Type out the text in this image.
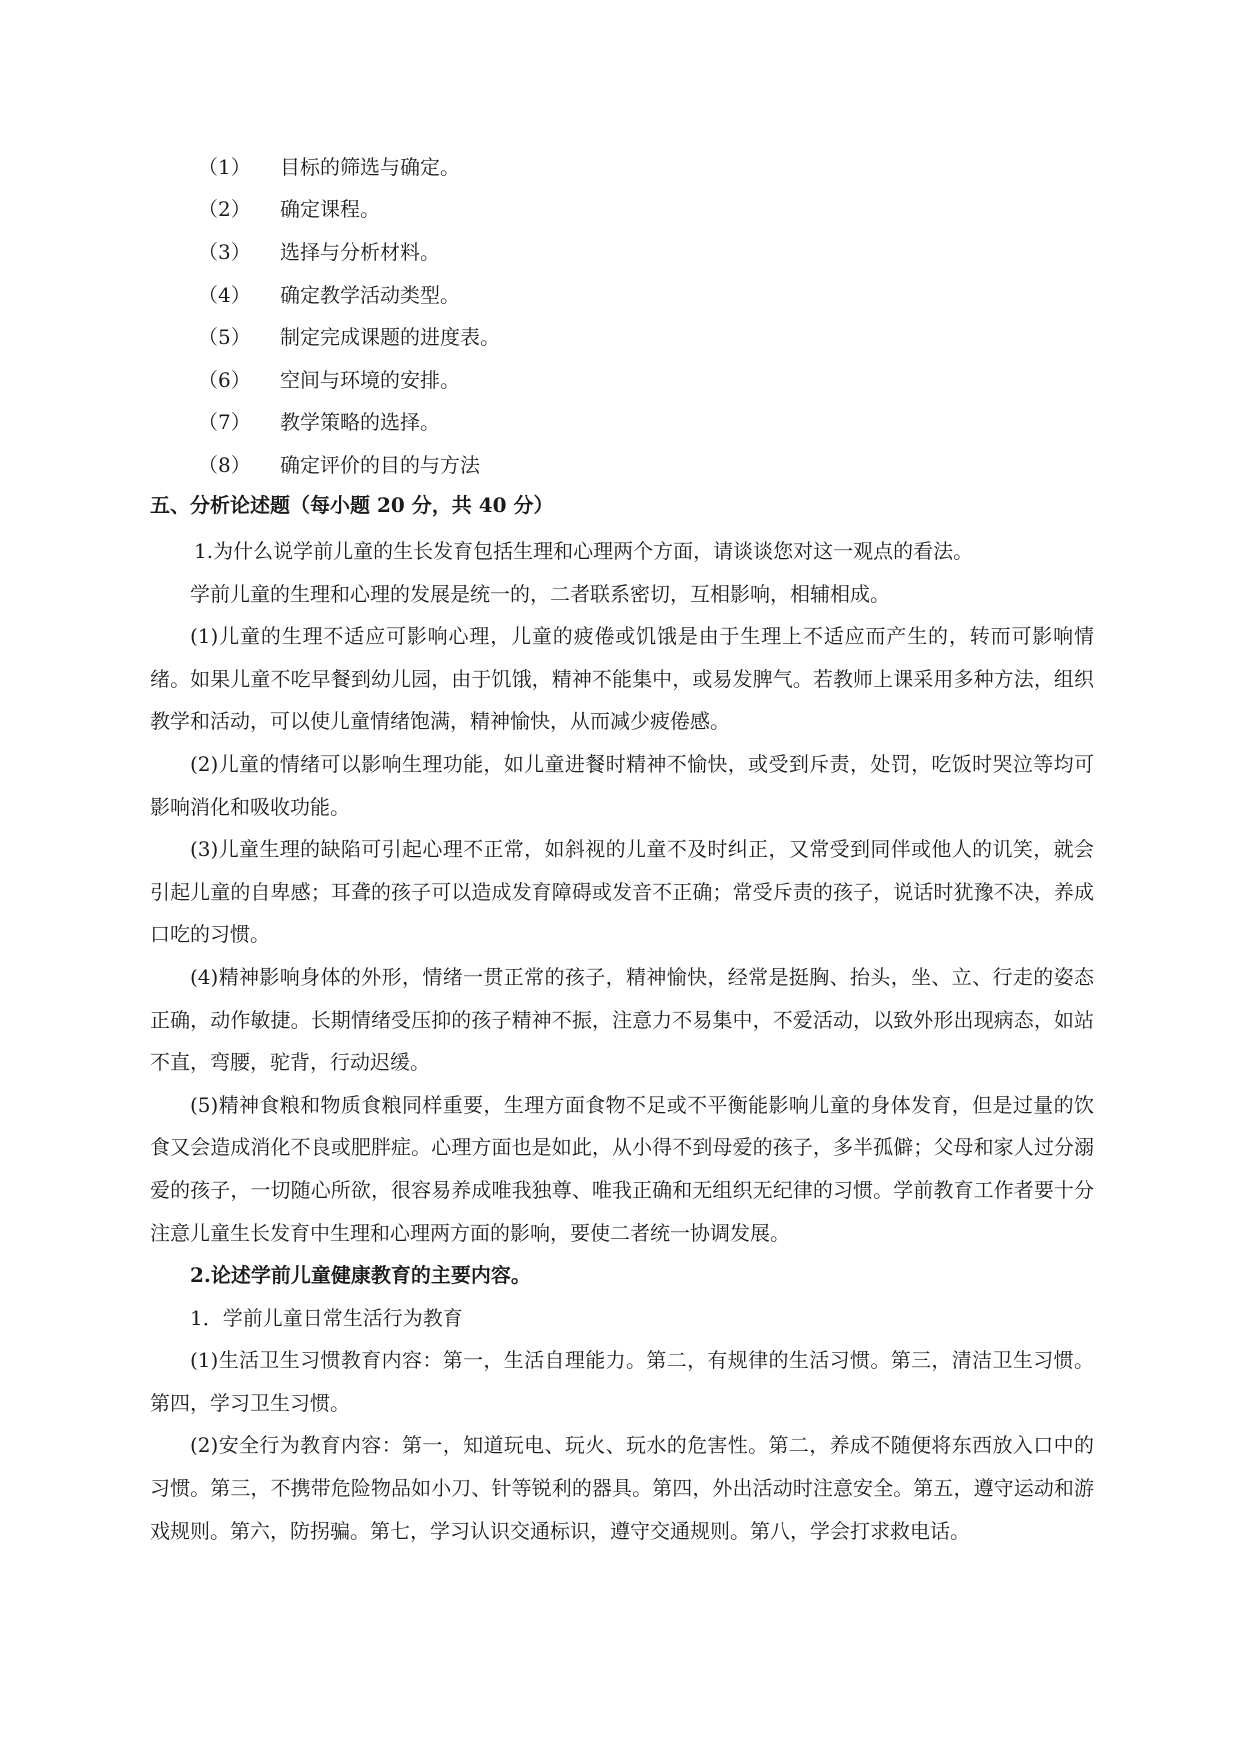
（1）	目标的筛选与确定。
（2）	确定课程。
（3）	选择与分析材料。
（4）	确定教学活动类型。
（5）	制定完成课题的进度表。
（6）	空间与环境的安排。
（7）	教学策略的选择。
（8）	确定评价的目的与方法
五、分析论述题（每小题 20 分，共 40 分）

1.为什么说学前儿童的生长发育包括生理和心理两个方面，请谈谈您对这一观点的看法。

学前儿童的生理和心理的发展是统一的，二者联系密切，互相影响，相辅相成。

(1)儿童的生理不适应可影响心理，儿童的疲倦或饥饿是由于生理上不适应而产生的，转而可影响情绪。如果儿童不吃早餐到幼儿园，由于饥饿，精神不能集中，或易发脾气。若教师上课采用多种方法，组织教学和活动，可以使儿童情绪饱满，精神愉快，从而减少疲倦感。

(2)儿童的情绪可以影响生理功能，如儿童进餐时精神不愉快，或受到斥责，处罚，吃饭时哭泣等均可影响消化和吸收功能。

(3)儿童生理的缺陷可引起心理不正常，如斜视的儿童不及时纠正，又常受到同伴或他人的讥笑，就会引起儿童的自卑感；耳聋的孩子可以造成发育障碍或发音不正确；常受斥责的孩子，说话时犹豫不决，养成口吃的习惯。

(4)精神影响身体的外形，情绪一贯正常的孩子，精神愉快，经常是挺胸、抬头，坐、立、行走的姿态正确，动作敏捷。长期情绪受压抑的孩子精神不振，注意力不易集中，不爱活动，以致外形出现病态，如站不直，弯腰，驼背，行动迟缓。

(5)精神食粮和物质食粮同样重要，生理方面食物不足或不平衡能影响儿童的身体发育，但是过量的饮食又会造成消化不良或肥胖症。心理方面也是如此，从小得不到母爱的孩子，多半孤僻；父母和家人过分溺爱的孩子，一切随心所欲，很容易养成唯我独尊、唯我正确和无组织无纪律的习惯。学前教育工作者要十分注意儿童生长发育中生理和心理两方面的影响，要使二者统一协调发展。

2.论述学前儿童健康教育的主要内容。

1．学前儿童日常生活行为教育

(1)生活卫生习惯教育内容：第一，生活自理能力。第二，有规律的生活习惯。第三，清洁卫生习惯。第四，学习卫生习惯。

(2)安全行为教育内容：第一，知道玩电、玩火、玩水的危害性。第二，养成不随便将东西放入口中的习惯。第三，不携带危险物品如小刀、针等锐利的器具。第四，外出活动时注意安全。第五，遵守运动和游戏规则。第六，防拐骗。第七，学习认识交通标识，遵守交通规则。第八，学会打求救电话。
